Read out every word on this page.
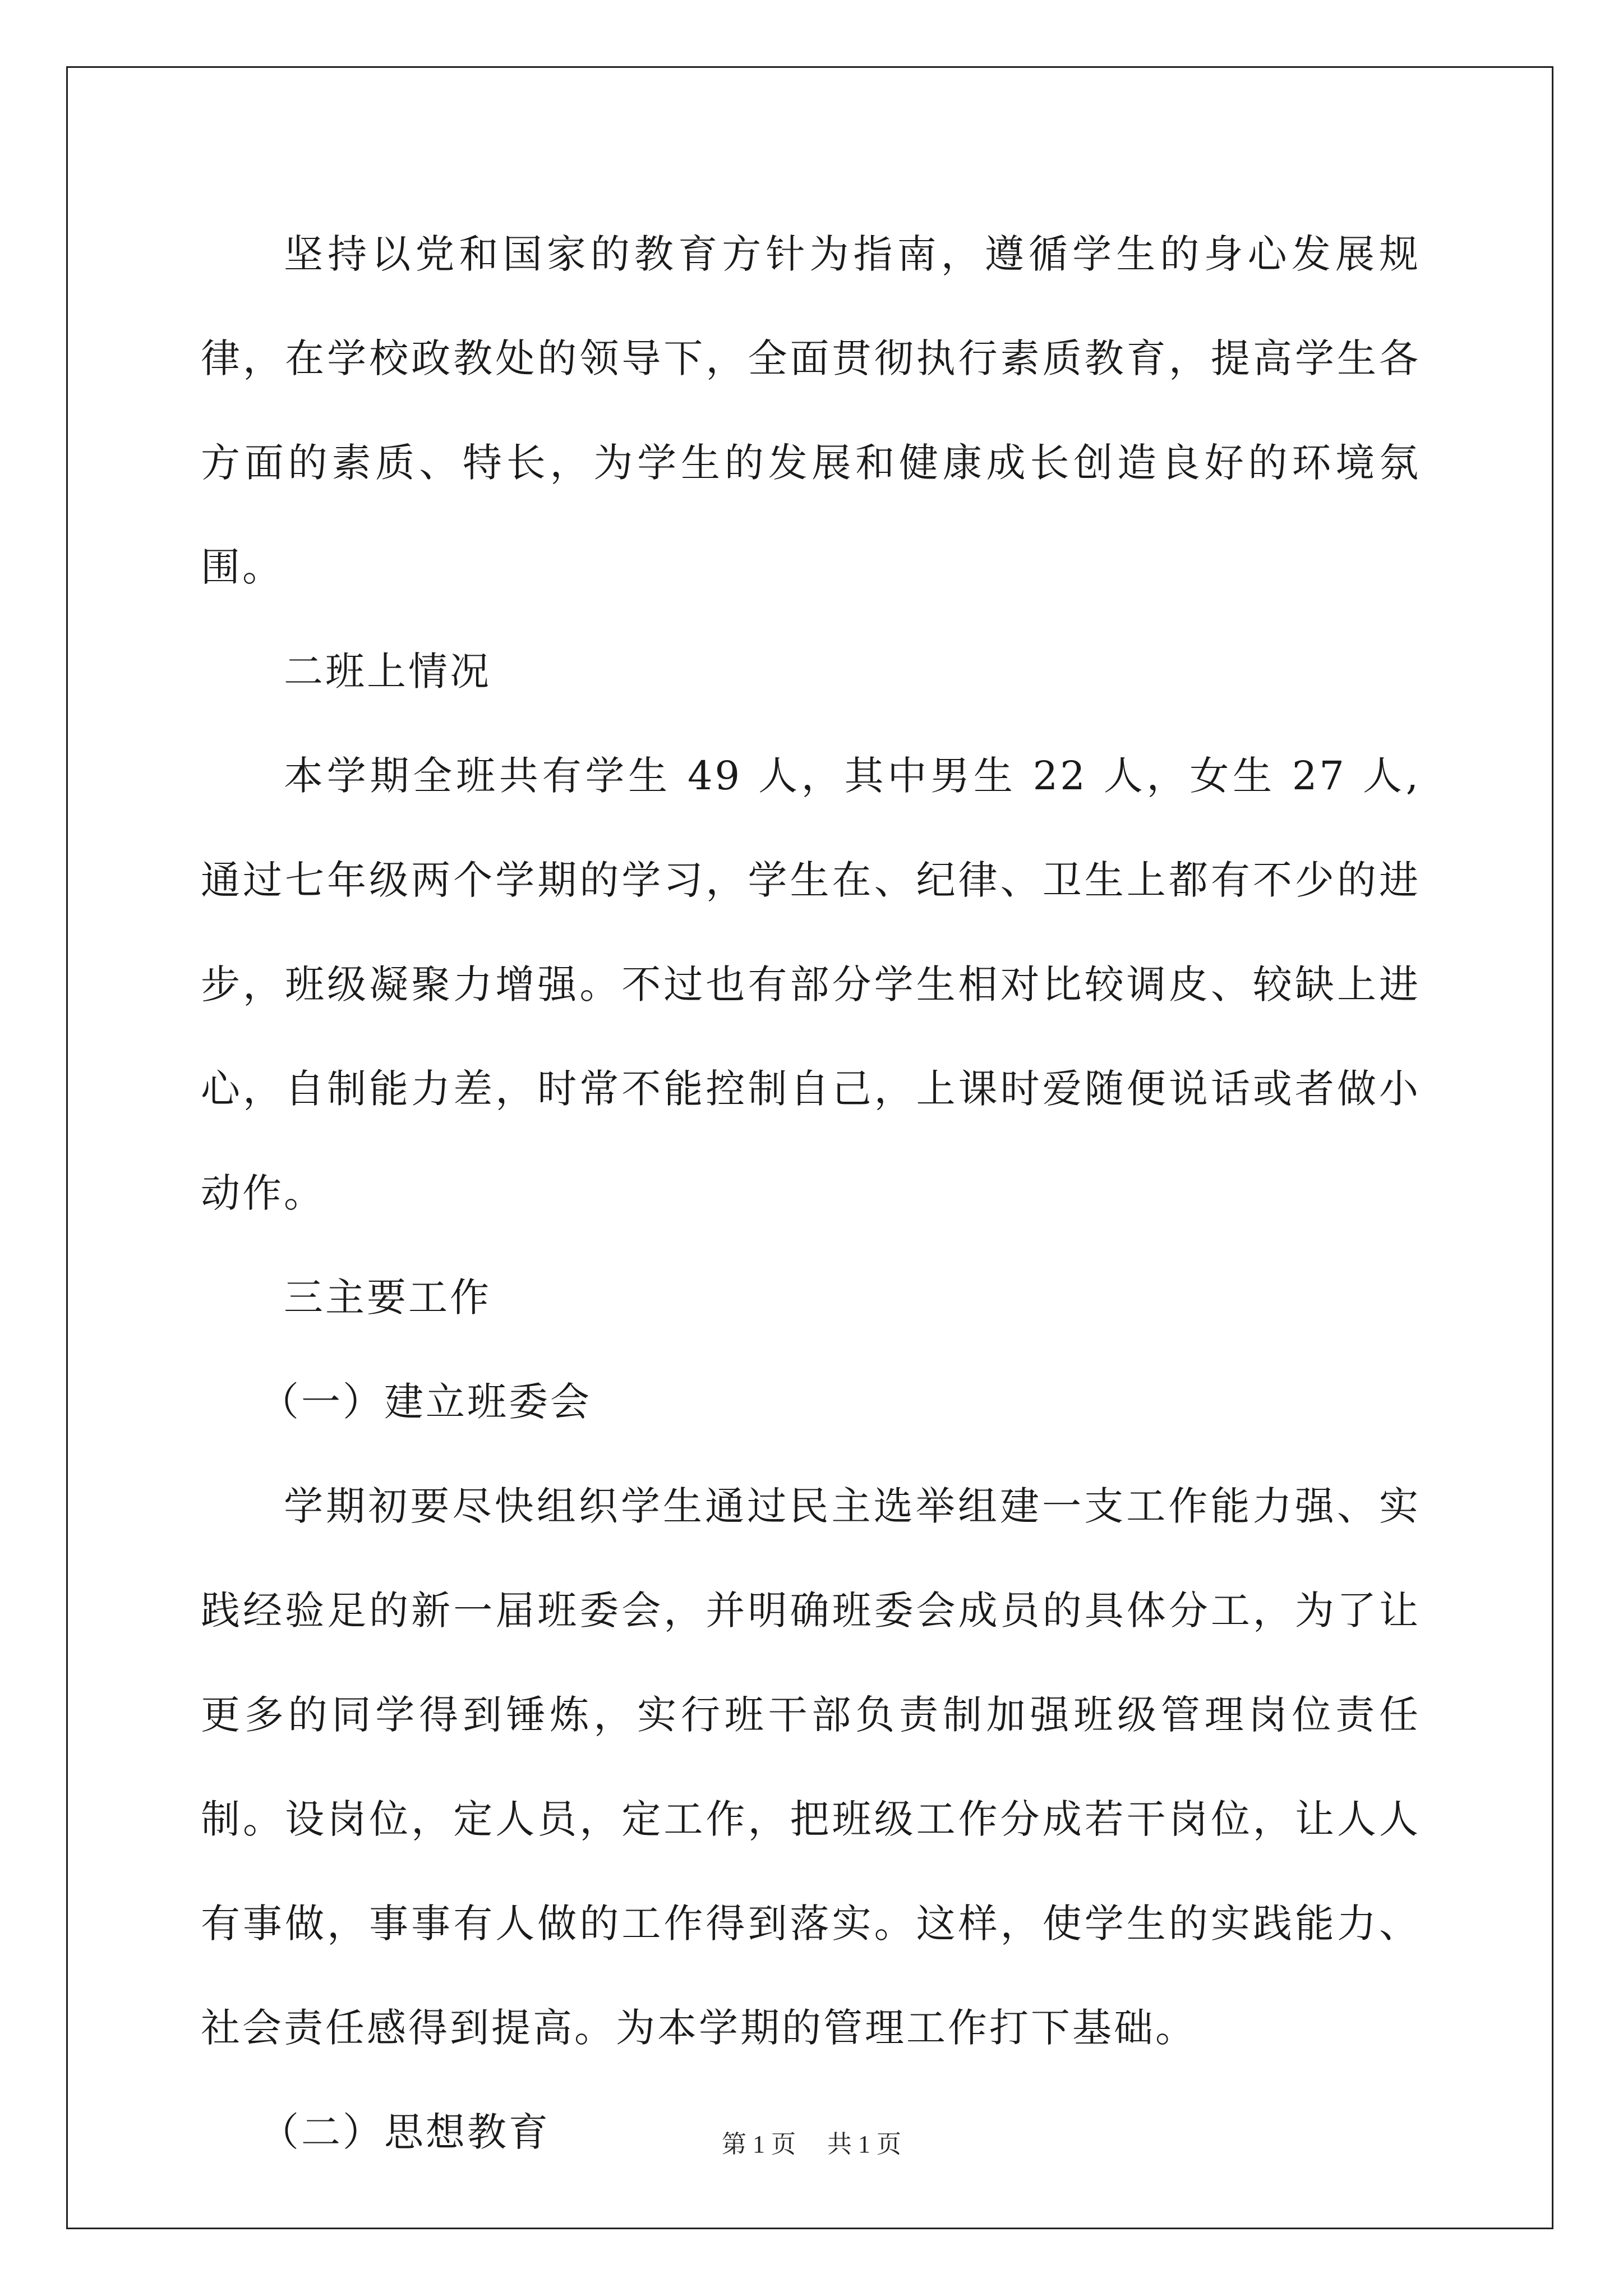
坚持以党和国家的教育方针为指南，遵循学生的身心发展规律，在学校政教处的领导下，全面贯彻执行素质教育，提高学生各方面的素质、特长，为学生的发展和健康成长创造良好的环境氛围。

二班上情况

本学期全班共有学生 49 人，其中男生 22 人，女生 27 人,通过七年级两个学期的学习，学生在、纪律、卫生上都有不少的进步，班级凝聚力增强。不过也有部分学生相对比较调皮、较缺上进心，自制能力差，时常不能控制自己，上课时爱随便说话或者做小动作。

三主要工作

（一）建立班委会

学期初要尽快组织学生通过民主选举组建一支工作能力强、实践经验足的新一届班委会，并明确班委会成员的具体分工，为了让更多的同学得到锤炼，实行班干部负责制加强班级管理岗位责任制。设岗位，定人员，定工作，把班级工作分成若干岗位，让人人有事做，事事有人做的工作得到落实。这样，使学生的实践能力、社会责任感得到提高。为本学期的管理工作打下基础。

（二）思想教育	第 1 页 共 1 页
